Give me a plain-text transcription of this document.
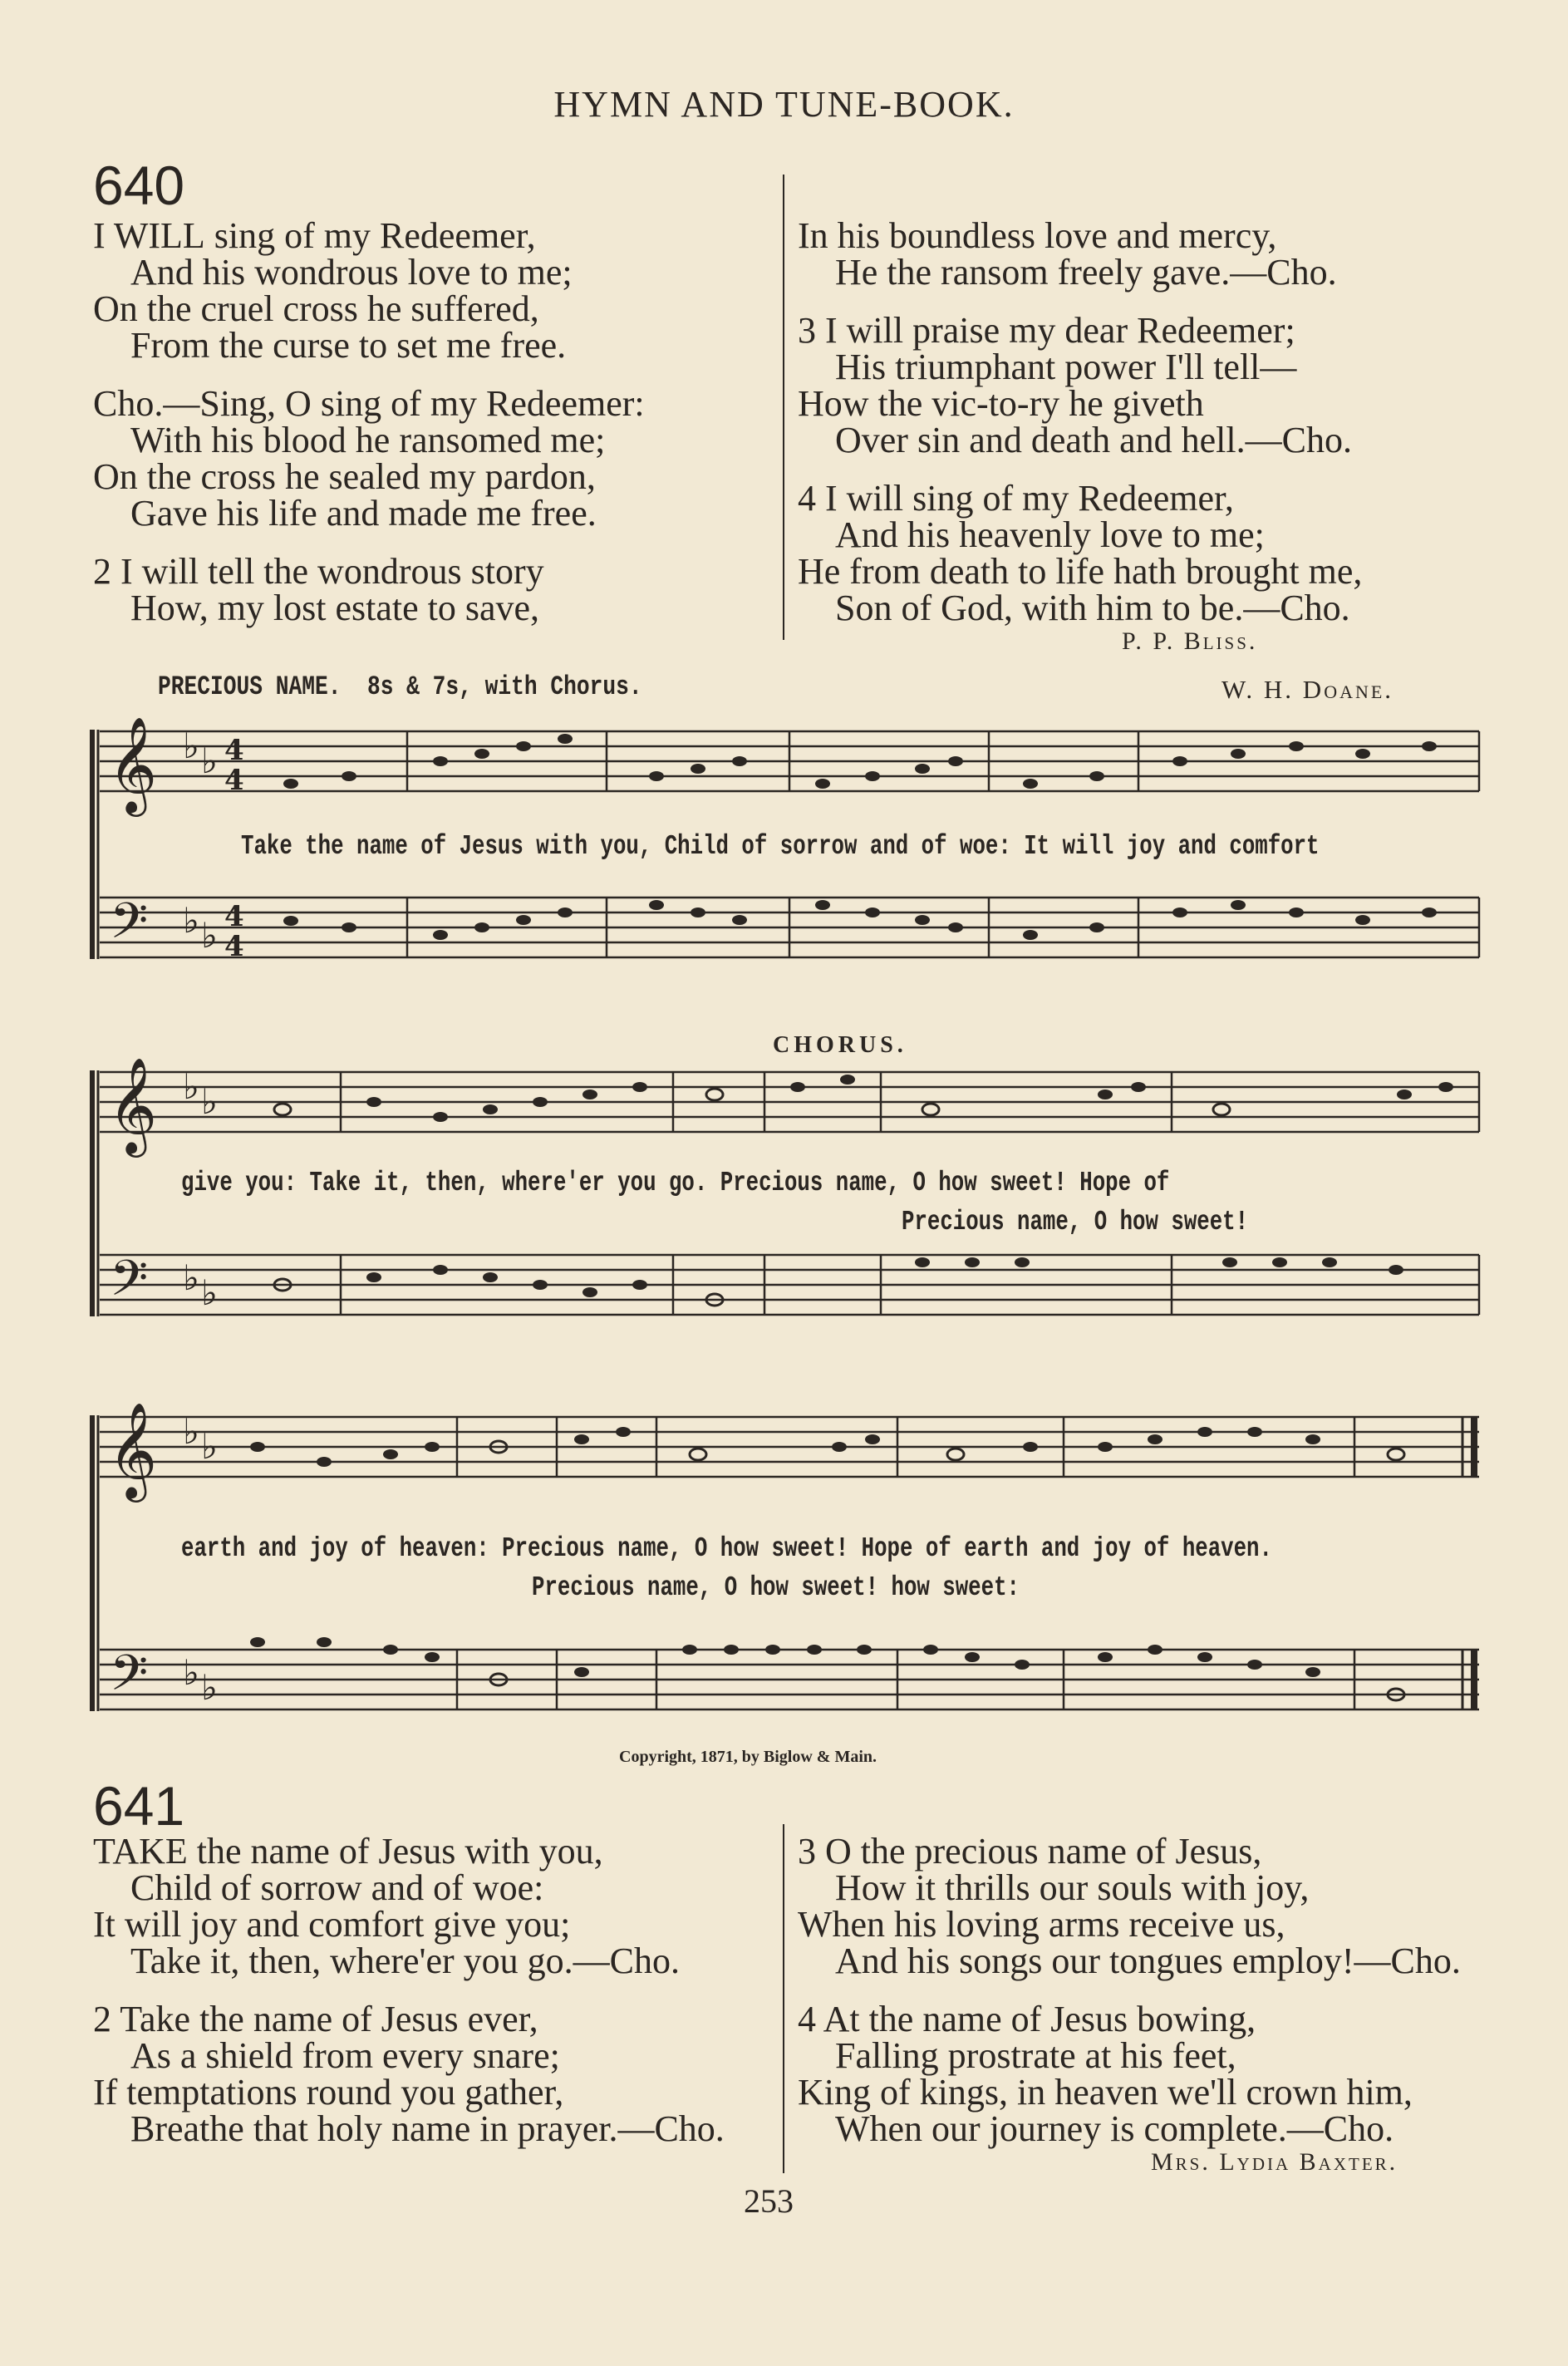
HYMN AND TUNE-BOOK.
640
I WILL sing of my Redeemer,
And his wondrous love to me;
On the cruel cross he suffered,
From the curse to set me free.
Cho.—Sing, O sing of my Redeemer:
With his blood he ransomed me;
On the cross he sealed my pardon,
Gave his life and made me free.
2 I will tell the wondrous story
How, my lost estate to save,
In his boundless love and mercy,
He the ransom freely gave.—Cho.
3 I will praise my dear Redeemer;
His triumphant power I'll tell—
How the vic-to-ry he giveth
Over sin and death and hell.—Cho.
4 I will sing of my Redeemer,
And his heavenly love to me;
He from death to life hath brought me,
Son of God, with him to be.—Cho.
P. P. Bliss.
PRECIOUS NAME. 8s & 7s, with Chorus.	W. H. Doane.
𝄞
𝄢
♭ ♭
♭ ♭
4
4
4
4
Take the name of Jesus with you, Child of sorrow and of woe: It will joy and comfort
CHORUS.
𝄞
𝄢
♭ ♭
♭ ♭
give you: Take it, then, where'er you go. Precious name, O how sweet! Hope of
Precious name, O how sweet!
𝄞
𝄢
♭ ♭
♭ ♭
earth and joy of heaven: Precious name, O how sweet! Hope of earth and joy of heaven.
Precious name, O how sweet! how sweet:
Copyright, 1871, by Biglow & Main.
641
TAKE the name of Jesus with you,
Child of sorrow and of woe:
It will joy and comfort give you;
Take it, then, where'er you go.—Cho.
2 Take the name of Jesus ever,
As a shield from every snare;
If temptations round you gather,
Breathe that holy name in prayer.—Cho.
3 O the precious name of Jesus,
How it thrills our souls with joy,
When his loving arms receive us,
And his songs our tongues employ!—Cho.
4 At the name of Jesus bowing,
Falling prostrate at his feet,
King of kings, in heaven we'll crown him,
When our journey is complete.—Cho.
Mrs. Lydia Baxter.
253
